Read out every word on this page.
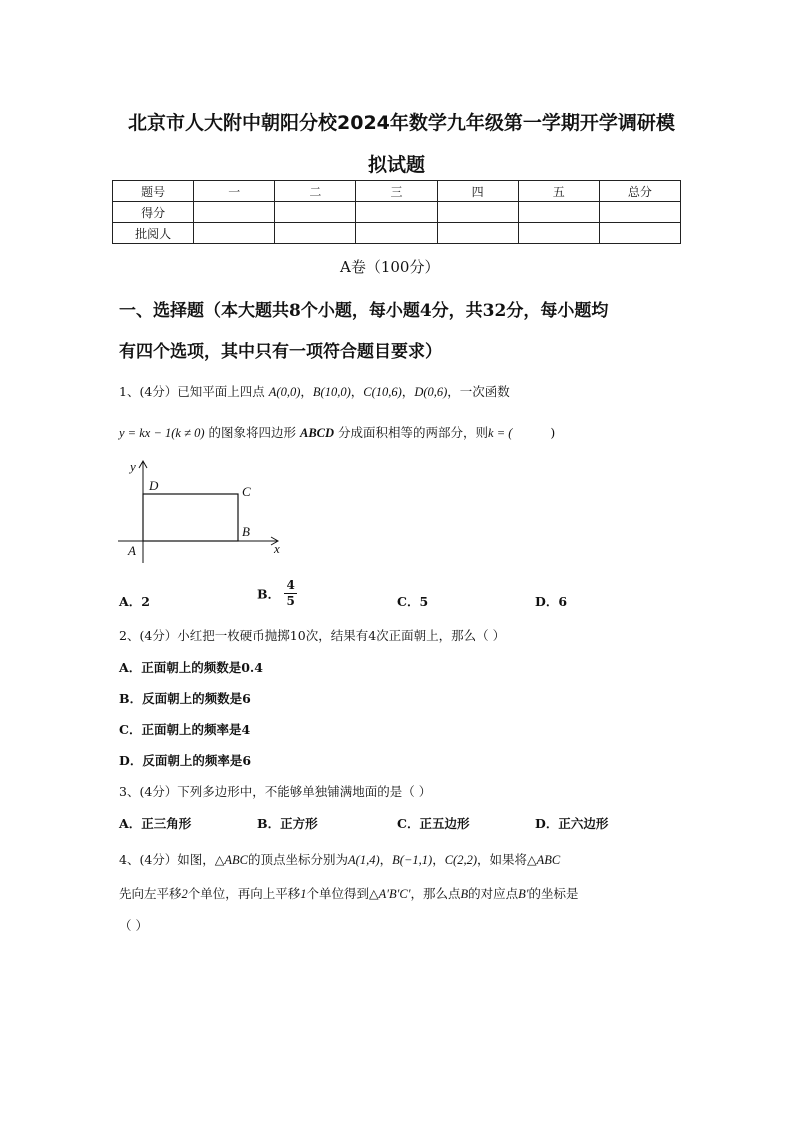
北京市人大附中朝阳分校2024年数学九年级第一学期开学调研模
拟试题
题号	一	二	三	四	五	总分
得分						
批阅人						
A卷（100分）
一、选择题（本大题共8个小题，每小题4分，共32分，每小题均
有四个选项，其中只有一项符合题目要求）
1、(4分）已知平面上四点 A(0,0)，B(10,0)，C(10,6)，D(0,6)，一次函数
y = kx − 1(k ≠ 0) 的图象将四边形 ABCD 分成面积相等的两部分，则k = (	)
y
x
A
B
C
D
A．2	B． $\frac{4}{5}$	C．5	D．6
2、(4分）小红把一枚硬币抛掷10次，结果有4次正面朝上，那么（ ）
A．正面朝上的频数是0.4
B．反面朝上的频数是6
C．正面朝上的频率是4
D．反面朝上的频率是6
3、(4分）下列多边形中，不能够单独铺满地面的是（ ）
A．正三角形	B．正方形	C．正五边形	D．正六边形
4、(4分）如图，△ABC的顶点坐标分别为A(1,4)，B(−1,1)，C(2,2)，如果将△ABC
先向左平移2个单位，再向上平移1个单位得到△A′B′C′，那么点B的对应点B′的坐标是
（ ）
